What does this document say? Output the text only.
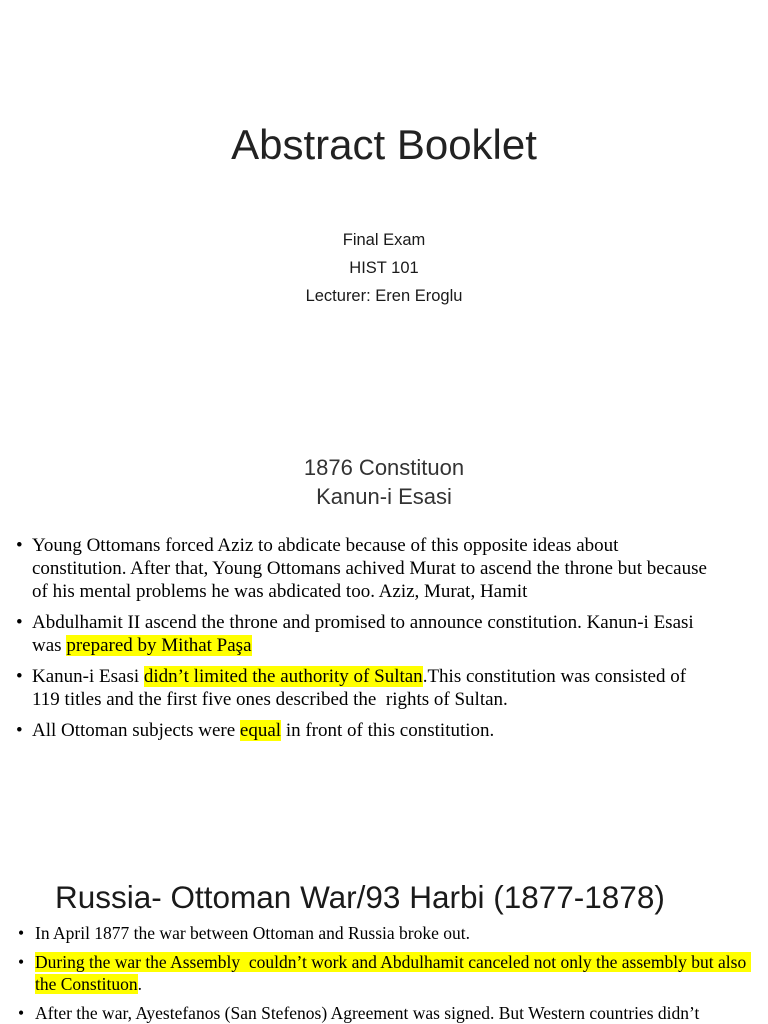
Abstract Booklet
Final Exam
HIST 101
Lecturer: Eren Eroglu
1876 Constituon
Kanun-i Esasi
• Young Ottomans forced Aziz to abdicate because of this opposite ideas about constitution. After that, Young Ottomans achived Murat to ascend the throne but because of his mental problems he was abdicated too. Aziz, Murat, Hamit
• Abdulhamit II ascend the throne and promised to announce constitution. Kanun-i Esasi was prepared by Mithat Paşa
• Kanun-i Esasi didn’t limited the authority of Sultan.This constitution was consisted of 119 titles and the first five ones described the  rights of Sultan.
• All Ottoman subjects were equal in front of this constitution.
Russia- Ottoman War/93 Harbi (1877-1878)
• In April 1877 the war between Ottoman and Russia broke out.
• During the war the Assembly  couldn’t work and Abdulhamit canceled not only the assembly but also the Constituon.
• After the war, Ayestefanos (San Stefenos) Agreement was signed. But Western countries didn’t
